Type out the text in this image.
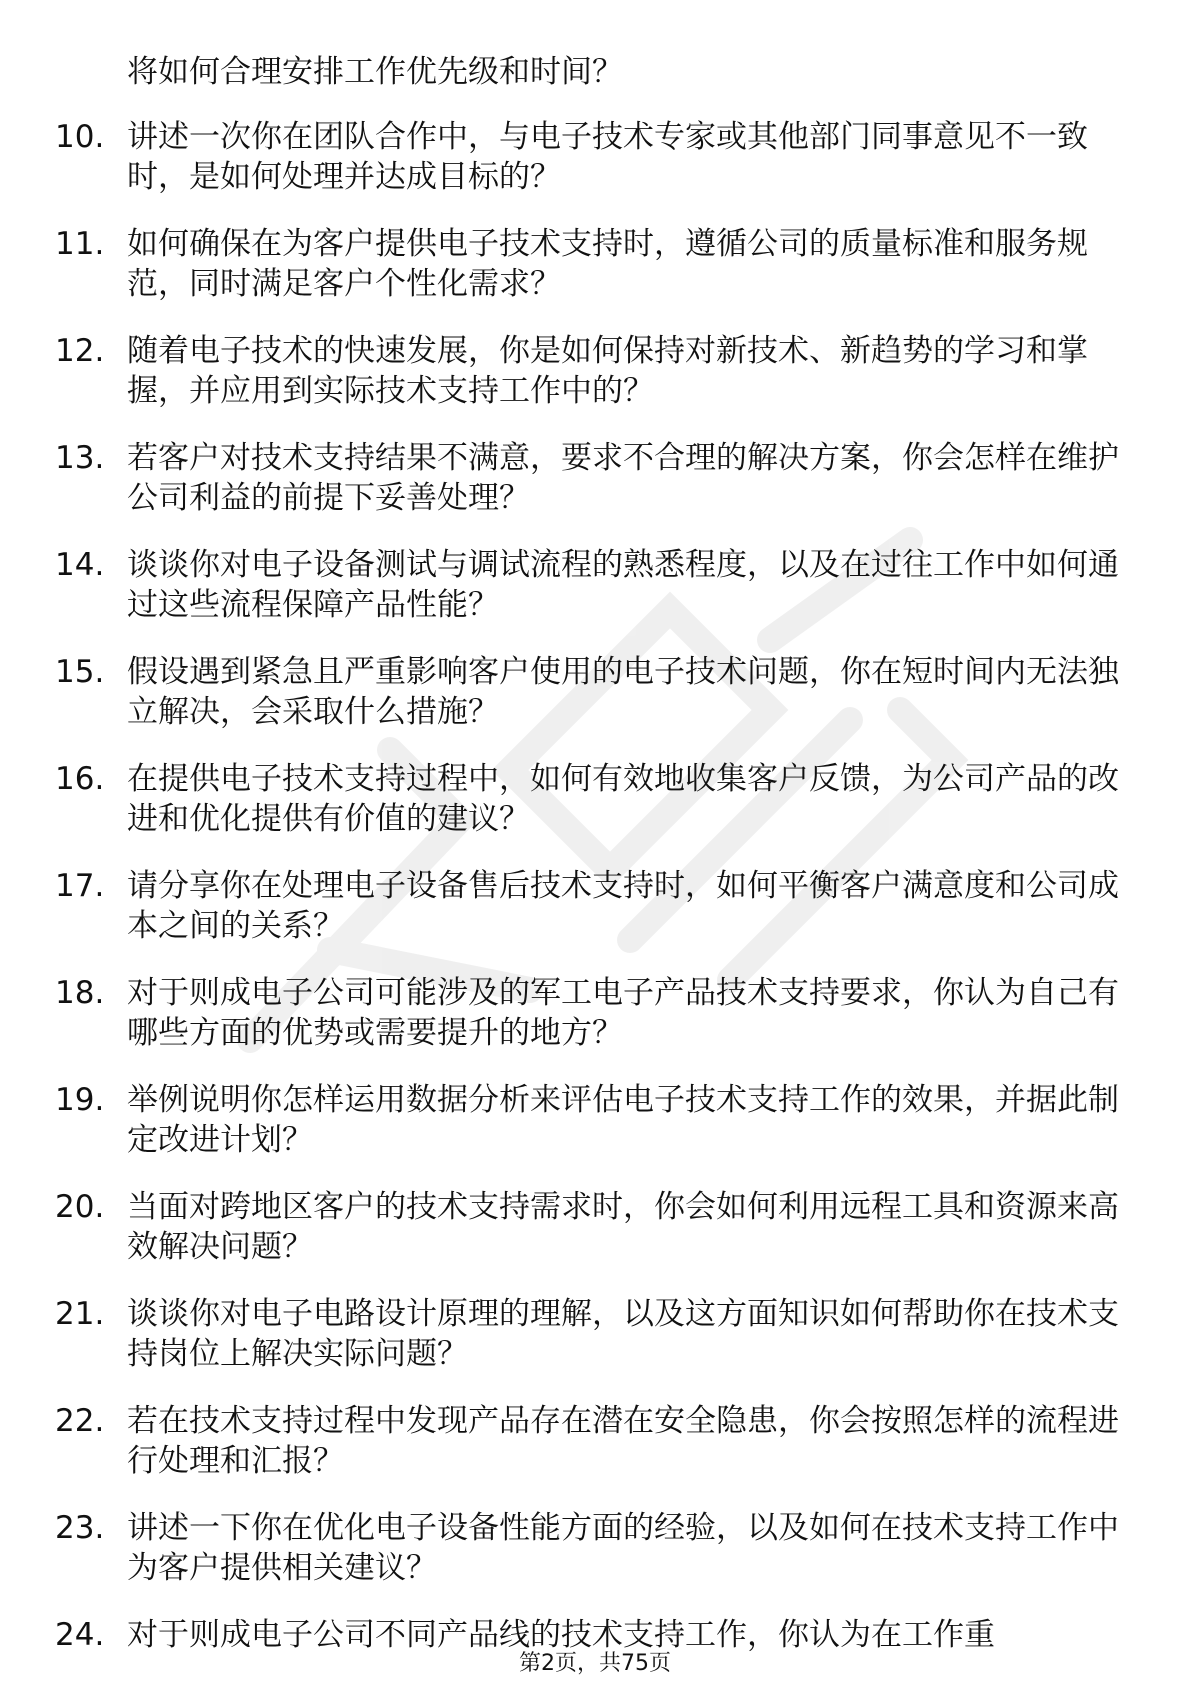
将如何合理安排工作优先级和时间？
10. 讲述一次你在团队合作中，与电子技术专家或其他部门同事意见不一致时，是如何处理并达成目标的？
11. 如何确保在为客户提供电子技术支持时，遵循公司的质量标准和服务规范，同时满足客户个性化需求？
12. 随着电子技术的快速发展，你是如何保持对新技术、新趋势的学习和掌握，并应用到实际技术支持工作中的？
13. 若客户对技术支持结果不满意，要求不合理的解决方案，你会怎样在维护公司利益的前提下妥善处理？
14. 谈谈你对电子设备测试与调试流程的熟悉程度，以及在过往工作中如何通过这些流程保障产品性能？
15. 假设遇到紧急且严重影响客户使用的电子技术问题，你在短时间内无法独立解决，会采取什么措施？
16. 在提供电子技术支持过程中，如何有效地收集客户反馈，为公司产品的改进和优化提供有价值的建议？
17. 请分享你在处理电子设备售后技术支持时，如何平衡客户满意度和公司成本之间的关系？
18. 对于则成电子公司可能涉及的军工电子产品技术支持要求，你认为自己有哪些方面的优势或需要提升的地方？
19. 举例说明你怎样运用数据分析来评估电子技术支持工作的效果，并据此制定改进计划？
20. 当面对跨地区客户的技术支持需求时，你会如何利用远程工具和资源来高效解决问题？
21. 谈谈你对电子电路设计原理的理解，以及这方面知识如何帮助你在技术支持岗位上解决实际问题？
22. 若在技术支持过程中发现产品存在潜在安全隐患，你会按照怎样的流程进行处理和汇报？
23. 讲述一下你在优化电子设备性能方面的经验，以及如何在技术支持工作中为客户提供相关建议？
24. 对于则成电子公司不同产品线的技术支持工作，你认为在工作重
第2页，共75页
